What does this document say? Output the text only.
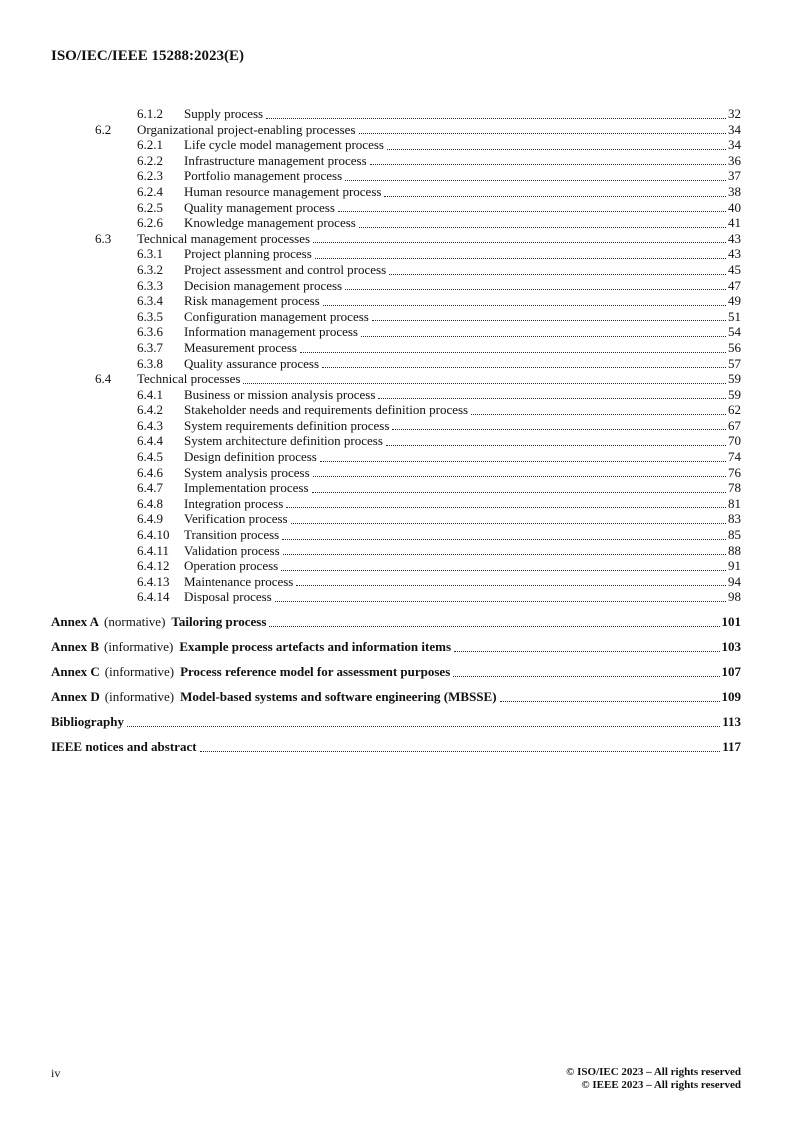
ISO/IEC/IEEE 15288:2023(E)
6.1.2	Supply process	32
6.2	Organizational project-enabling processes	34
6.2.1	Life cycle model management process	34
6.2.2	Infrastructure management process	36
6.2.3	Portfolio management process	37
6.2.4	Human resource management process	38
6.2.5	Quality management process	40
6.2.6	Knowledge management process	41
6.3	Technical management processes	43
6.3.1	Project planning process	43
6.3.2	Project assessment and control process	45
6.3.3	Decision management process	47
6.3.4	Risk management process	49
6.3.5	Configuration management process	51
6.3.6	Information management process	54
6.3.7	Measurement process	56
6.3.8	Quality assurance process	57
6.4	Technical processes	59
6.4.1	Business or mission analysis process	59
6.4.2	Stakeholder needs and requirements definition process	62
6.4.3	System requirements definition process	67
6.4.4	System architecture definition process	70
6.4.5	Design definition process	74
6.4.6	System analysis process	76
6.4.7	Implementation process	78
6.4.8	Integration process	81
6.4.9	Verification process	83
6.4.10	Transition process	85
6.4.11	Validation process	88
6.4.12	Operation process	91
6.4.13	Maintenance process	94
6.4.14	Disposal process	98
Annex A (normative) Tailoring process	101
Annex B (informative) Example process artefacts and information items	103
Annex C (informative) Process reference model for assessment purposes	107
Annex D (informative) Model-based systems and software engineering (MBSSE)	109
Bibliography	113
IEEE notices and abstract	117
iv	© ISO/IEC 2023 – All rights reserved
© IEEE 2023 – All rights reserved
